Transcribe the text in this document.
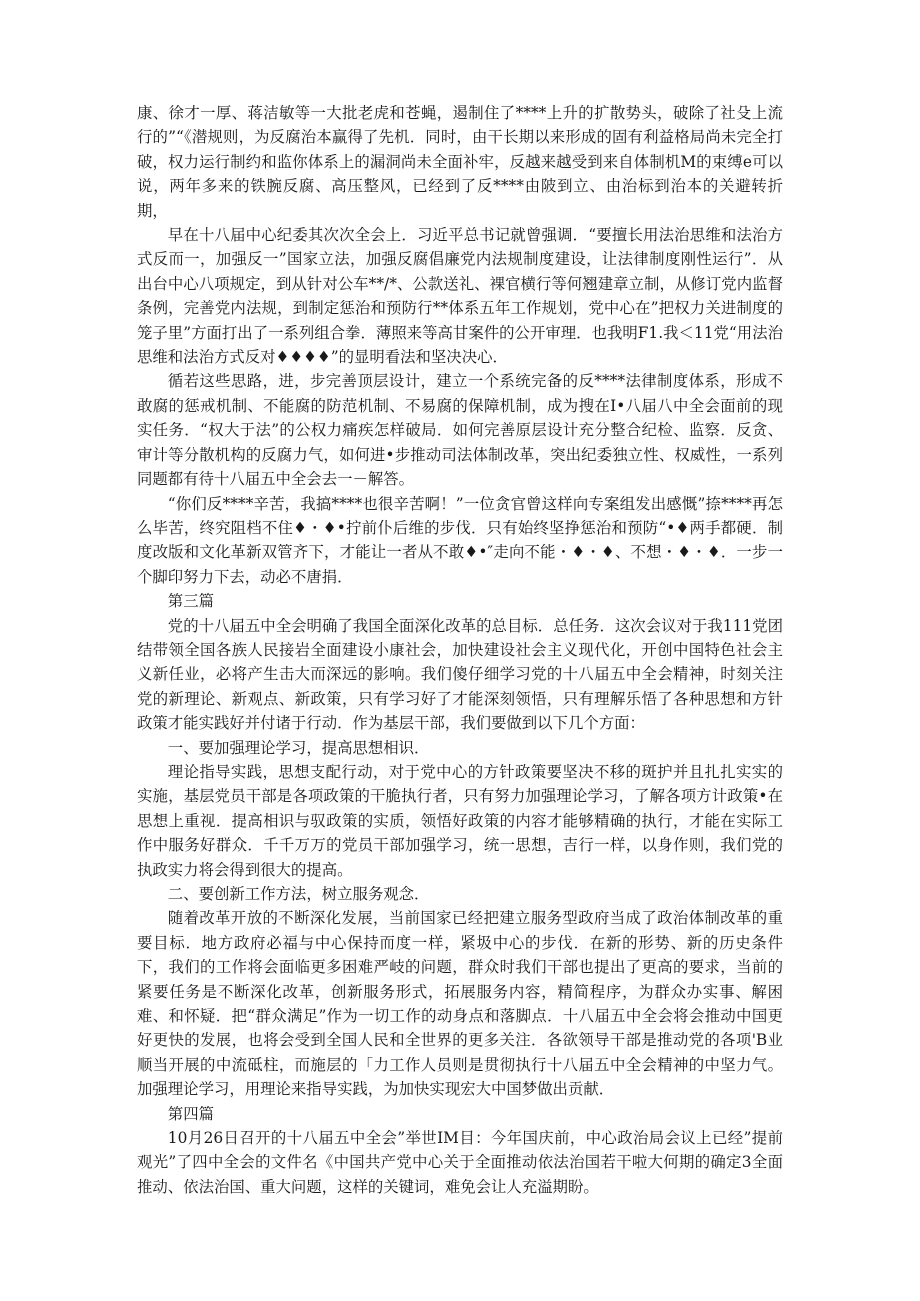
康、徐才一厚、蒋洁敏等一大批老虎和苍蝇，遏制住了****上升的扩散势头，破除了社殳上流行的”“《潜规则，为反腐治本赢得了先机．同时，由干长期以来形成的固有利益格局尚未完全打破，权力运行制约和监你体系上的漏洞尚未全面补牢，反越来越受到来自体制机M的束缚e可以说，两年多来的铁腕反腐、高压整风，已经到了反****由陂到立、由治标到治本的关避转折期，

早在十八届中心纪委其次次全会上．习近平总书记就曾强调．“要擅长用法治思维和法治方式反而一，加强反一”国家立法，加强反腐倡廉党内法规制度建设，让法律制度刚性运行”．从出台中心八项规定，到从针对公车**/*、公款送礼、裸官横行等何翘建章立制，从修订党内监督条例，完善党内法规，到制定惩治和预防行**体系五年工作规划，党中心在”把权力关进制度的笼子里”方面打出了一系列组合拳．薄照来等高甘案件的公开审理．也我明F1.我＜11党“用法治思维和法治方式反对♦♦♦♦”的显明看法和坚决决心．

循若这些思路，进，步完善顶层设计，建立一个系统完备的反****法律制度体系，形成不敢腐的惩戒机制、不能腐的防范机制、不易腐的保障机制，成为搜在I•八届八中全会面前的现实任务．“权大于法”的公权力痛疾怎样破局．如何完善原层设计充分整合纪检、监察．反贪、审计等分散机构的反腐力气，如何进•步推动司法体制改革，突出纪委独立性、权威性，一系列同题都有待十八届五中全会去一－解答。

“你们反****辛苦，我搞****也很辛苦啊！”一位贪官曾这样向专案组发出感慨”捺****再怎么毕苦，终究阻档不住♦・♦•拧前仆后维的步伐．只有始终坚挣惩治和预防“•♦两手都硬．制度改版和文化革新双管齐下，才能让一者从不敢♦•″走向不能・♦・♦、不想・♦・♦．一步一个脚印努力下去，动必不唐捐．

第三篇

党的十八届五中全会明确了我国全面深化改革的总目标．总任务．这次会议对于我111党团结带领全国各族人民接岩全面建设小康社会，加快建设社会主义现代化，开创中国特色社会主义新任业，必将产生击大而深远的影响。我们傻仔细学习党的十八届五中全会精神，时刻关注党的新理论、新观点、新政策，只有学习好了才能深刻领悟，只有理解乐悟了各种思想和方针政策才能实践好并付诸于行动．作为基层干部，我们要做到以下几个方面：

一、要加强理论学习，提高思想相识．

理论指导实践，思想支配行动，对于党中心的方针政策要坚决不移的斑护并且扎扎实实的实施，基层党员干部是各项政策的干脆执行者，只有努力加强理论学习，了解各项方计政策•在思想上重视．提高相识与驭政策的实质，领悟好政策的内容才能够精确的执行，才能在实际工作中服务好群众．千千万万的党员干部加强学习，统一思想，吉行一样，以身作则，我们党的执政实力将会得到很大的提高。

二、要创新工作方法，树立服务观念．

随着改革开放的不断深化发展，当前国家已经把建立服务型政府当成了政治体制改革的重要目标．地方政府必福与中心保持而度一样，紧圾中心的步伐．在新的形势、新的历史条件下，我们的工作将会面临更多困难严岐的问题，群众时我们干部也提出了更高的要求，当前的紧要任务是不断深化改革，创新服务形式，拓展服务内容，精简程序，为群众办实事、解困难、和怀疑．把“群众满足”作为一切工作的动身点和落脚点．十八届五中全会将会推动中国更好更快的发展，也将会受到全国人民和全世界的更多关注．各欲领导干部是推动党的各项'B业顺当开展的中流砥柱，而施层的「力工作人员则是贯彻执行十八届五中全会精神的中坚力气。加强理论学习，用理论来指导实践，为加快实现宏大中国梦做出贡献．

第四篇

10月26日召开的十八届五中全会”举世IM目：今年国庆前，中心政治局会议上已经”提前观光”了四中全会的文件名《中国共产党中心关于全面推动依法治国若干啦大何期的确定3全面推动、依法治国、重大问题，这样的关键词，难免会让人充溢期盼。
